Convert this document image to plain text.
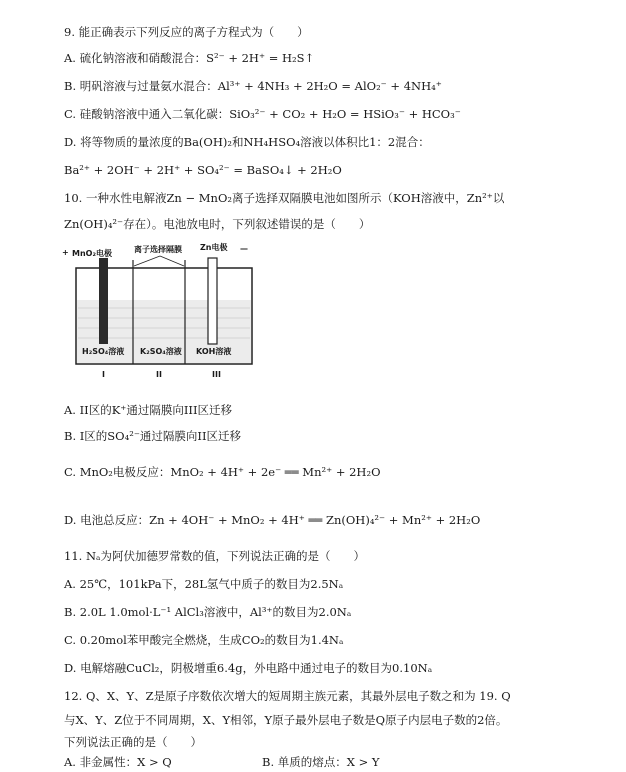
9. 能正确表示下列反应的离子方程式为（　　）
A. 硫化钠溶液和硝酸混合：S²⁻ + 2H⁺ = H₂S↑
B. 明矾溶液与过量氨水混合：Al³⁺ + 4NH₃ + 2H₂O = AlO₂⁻ + 4NH₄⁺
C. 硅酸钠溶液中通入二氧化碳：SiO₃²⁻ + CO₂ + H₂O = HSiO₃⁻ + HCO₃⁻
D. 将等物质的量浓度的Ba(OH)₂和NH₄HSO₄溶液以体积比1：2混合：
Ba²⁺ + 2OH⁻ + 2H⁺ + SO₄²⁻ = BaSO₄↓ + 2H₂O
10. 一种水性电解液Zn − MnO₂离子选择双隔膜电池如图所示（KOH溶液中，Zn²⁺以
Zn(OH)₄²⁻存在）。电池放电时，下列叙述错误的是（　　）
+ MnO₂电极	离子选择隔膜 Zn电极 —
H₂SO₄溶液 K₂SO₄溶液 KOH溶液
I	II	III
A. II区的K⁺通过隔膜向III区迁移
B. I区的SO₄²⁻通过隔膜向II区迁移
C. MnO₂电极反应：MnO₂ + 4H⁺ + 2e⁻ ══ Mn²⁺ + 2H₂O
D. 电池总反应：Zn + 4OH⁻ + MnO₂ + 4H⁺ ══ Zn(OH)₄²⁻ + Mn²⁺ + 2H₂O
11. Nₐ为阿伏加德罗常数的值，下列说法正确的是（　　）
A. 25℃，101kPa下，28L氢气中质子的数目为2.5Nₐ
B. 2.0L 1.0mol·L⁻¹ AlCl₃溶液中，Al³⁺的数目为2.0Nₐ
C. 0.20mol苯甲酸完全燃烧，生成CO₂的数目为1.4Nₐ
D. 电解熔融CuCl₂，阴极增重6.4g，外电路中通过电子的数目为0.10Nₐ
12. Q、X、Y、Z是原子序数依次增大的短周期主族元素，其最外层电子数之和为 19. Q
与X、Y、Z位于不同周期，X、Y相邻，Y原子最外层电子数是Q原子内层电子数的2倍。
下列说法正确的是（　　）
A. 非金属性：X > Q	B. 单质的熔点：X > Y
